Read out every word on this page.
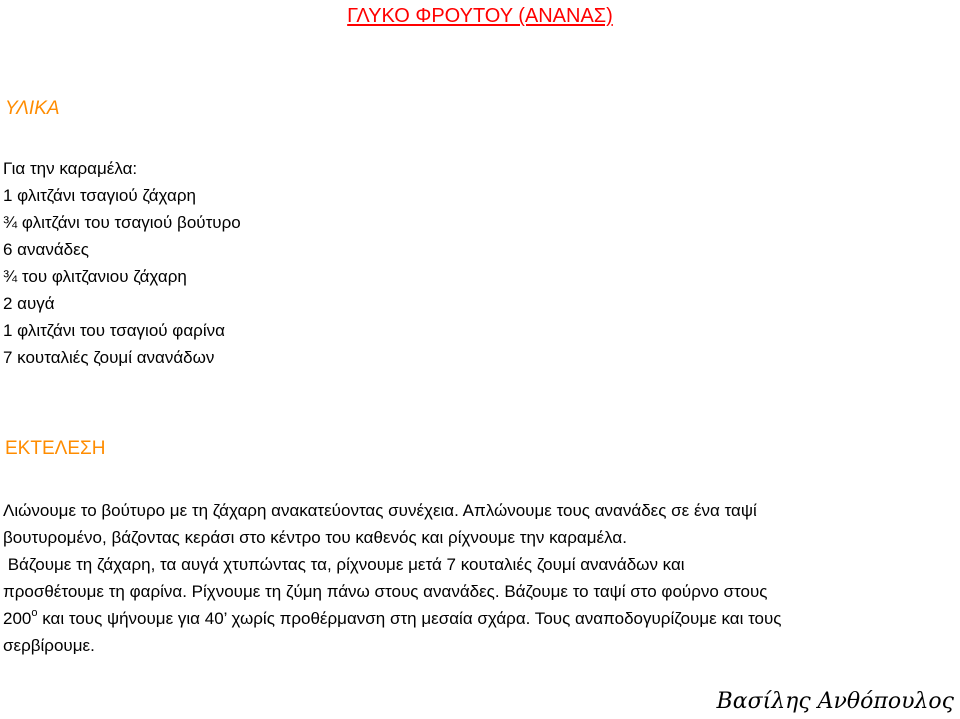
ΓΛΥΚΟ ΦΡΟΥΤΟΥ (ΑΝΑΝΑΣ)
ΥΛΙΚΑ
Για την καραμέλα:
1 φλιτζάνι τσαγιού ζάχαρη
¾ φλιτζάνι του τσαγιού βούτυρο
6 ανανάδες
¾ του φλιτζανιου ζάχαρη
2 αυγά
1 φλιτζάνι του τσαγιού φαρίνα
7 κουταλιές ζουμί ανανάδων
ΕΚΤΕΛΕΣΗ
Λιώνουμε το βούτυρο με τη ζάχαρη ανακατεύοντας συνέχεια. Απλώνουμε τους ανανάδες σε ένα ταψί
βουτυρομένο, βάζοντας κεράσι στο κέντρο του καθενός και ρίχνουμε την καραμέλα.
Βάζουμε τη ζάχαρη, τα αυγά χτυπώντας τα, ρίχνουμε μετά 7 κουταλιές ζουμί ανανάδων και
προσθέτουμε τη φαρίνα. Ρίχνουμε τη ζύμη πάνω στους ανανάδες. Βάζουμε το ταψί στο φούρνο στους
$200^o$ και τους ψήνουμε για 40’ χωρίς προθέρμανση στη μεσαία σχάρα. Τους αναποδογυρίζουμε και τους
σερβίρουμε.
Βασίλης Ανθόπουλος
